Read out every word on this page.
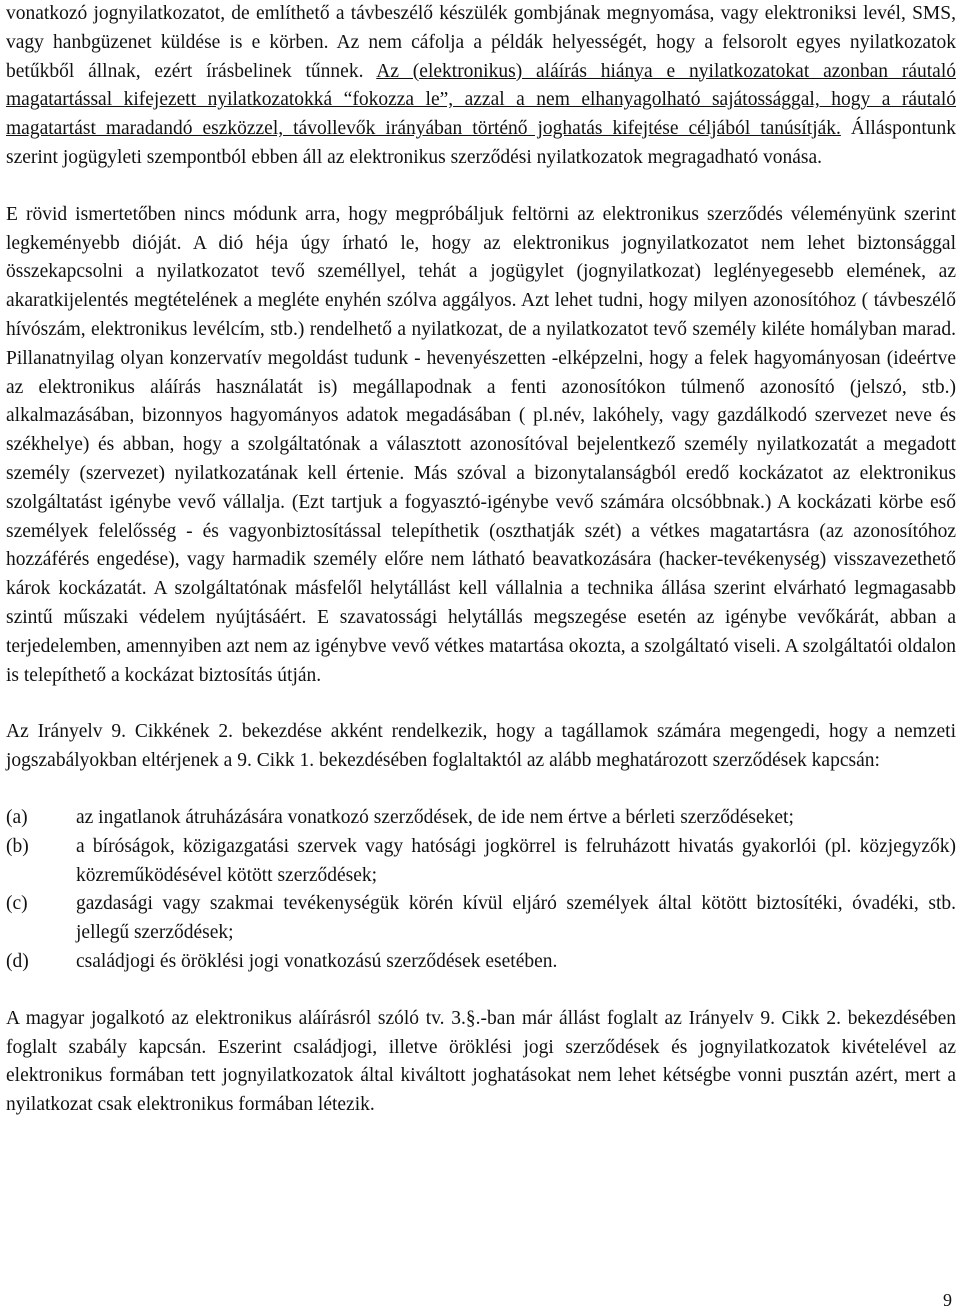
vonatkozó jognyilatkozatot, de említhető a távbeszélő készülék gombjának megnyomása, vagy elektroniksi levél, SMS, vagy hanbgüzenet küldése is e körben. Az nem cáfolja a példák helyességét, hogy a felsorolt egyes nyilatkozatok betűkből állnak, ezért írásbelinek tűnnek. Az (elektronikus) aláírás hiánya e nyilatkozatokat azonban ráutaló magatartással kifejezett nyilatkozatokká “fokozza le”, azzal a nem elhanyagolható sajátossággal, hogy a ráutaló magatartást maradandó eszközzel, távollevők irányában történő joghatás kifejtése céljából tanúsítják. Álláspontunk szerint jogügyleti szempontból ebben áll az elektronikus szerződési nyilatkozatok megragadható vonása.

E rövid ismertetőben nincs módunk arra, hogy megpróbáljuk feltörni az elektronikus szerződés véleményünk szerint legkeményebb dióját. A dió héja úgy írható le, hogy az elektronikus jognyilatkozatot nem lehet biztonsággal összekapcsolni a nyilatkozatot tevő személlyel, tehát a jogügylet (jognyilatkozat) leglényegesebb elemének, az akaratkijelentés megtételének a megléte enyhén szólva aggályos. Azt lehet tudni, hogy milyen azonosítóhoz ( távbeszélő hívószám, elektronikus levélcím, stb.) rendelhető a nyilatkozat, de a nyilatkozatot tevő személy kiléte homályban marad. Pillanatnyilag olyan konzervatív megoldást tudunk - hevenyészetten -elképzelni, hogy a felek hagyományosan (ideértve az elektronikus aláírás használatát is) megállapodnak a fenti azonosítókon túlmenő azonosító (jelszó, stb.) alkalmazásában, bizonnyos hagyományos adatok megadásában ( pl.név, lakóhely, vagy gazdálkodó szervezet neve és székhelye) és abban, hogy a szolgáltatónak a választott azonosítóval bejelentkező személy nyilatkozatát a megadott személy (szervezet) nyilatkozatának kell értenie. Más szóval a bizonytalanságból eredő kockázatot az elektronikus szolgáltatást igénybe vevő vállalja. (Ezt tartjuk a fogyasztó-igénybe vevő számára olcsóbbnak.) A kockázati körbe eső személyek felelősség - és vagyonbiztosítással telepíthetik (oszthatják szét) a vétkes magatartásra (az azonosítóhoz hozzáférés engedése), vagy harmadik személy előre nem látható beavatkozására (hacker-tevékenység) visszavezethető károk kockázatát. A szolgáltatónak másfelől helytállást kell vállalnia a technika állása szerint elvárható legmagasabb szintű műszaki védelem nyújtásáért. E szavatossági helytállás megszegése esetén az igénybe vevőkárát, abban a terjedelemben, amennyiben azt nem az igénybve vevő vétkes matartása okozta, a szolgáltató viseli. A szolgáltatói oldalon is telepíthető a kockázat biztosítás útján.

Az Irányelv 9. Cikkének 2. bekezdése akként rendelkezik, hogy a tagállamok számára megengedi, hogy a nemzeti jogszabályokban eltérjenek a 9. Cikk 1. bekezdésében foglaltaktól az alább meghatározott szerződések kapcsán:

(a)	az ingatlanok átruházására vonatkozó szerződések, de ide nem értve a bérleti szerződéseket;
(b)	a bíróságok, közigazgatási szervek vagy hatósági jogkörrel is felruházott hivatás gyakorlói (pl. közjegyzők) közreműködésével kötött szerződések;
(c)	gazdasági vagy szakmai tevékenységük körén kívül eljáró személyek által kötött biztosítéki, óvadéki, stb. jellegű szerződések;
(d)	családjogi és öröklési jogi vonatkozású szerződések esetében.

A magyar jogalkotó az elektronikus aláírásról szóló tv. 3.§.-ban már állást foglalt az Irányelv 9. Cikk 2. bekezdésében foglalt szabály kapcsán. Eszerint családjogi, illetve öröklési jogi szerződések és jognyilatkozatok kivételével az elektronikus formában tett jognyilatkozatok által kiváltott joghatásokat nem lehet kétségbe vonni pusztán azért, mert a nyilatkozat csak elektronikus formában létezik.

9
